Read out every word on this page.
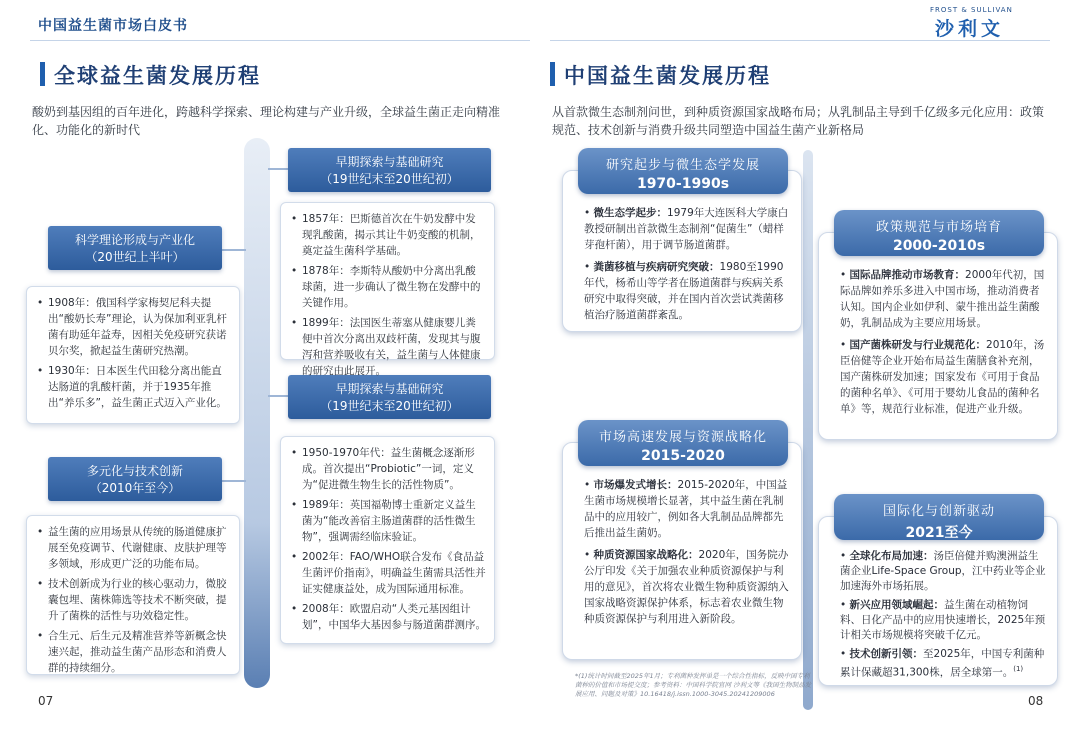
中国益生菌市场白皮书
FROST & SULLIVAN
沙利文
全球益生菌发展历程
酸奶到基因组的百年进化，跨越科学探索、理论构建与产业升级，全球益生菌正走向精准化、功能化的新时代
早期探索与基础研究
（19世纪末至20世纪初）
科学理论形成与产业化
（20世纪上半叶）
早期探索与基础研究
（19世纪末至20世纪初）
多元化与技术创新
（2010年至今）
• 1857年：巴斯德首次在牛奶发酵中发现乳酸菌，揭示其让牛奶变酸的机制，奠定益生菌科学基础。
• 1878年：李斯特从酸奶中分离出乳酸球菌，进一步确认了微生物在发酵中的关键作用。
• 1899年：法国医生蒂塞从健康婴儿粪便中首次分离出双歧杆菌，发现其与腹泻和营养吸收有关，益生菌与人体健康的研究由此展开。
• 1908年：俄国科学家梅契尼科夫提出“酸奶长寿”理论，认为保加利亚乳杆菌有助延年益寿，因相关免疫研究获诺贝尔奖，掀起益生菌研究热潮。
• 1930年：日本医生代田稔分离出能直达肠道的乳酸杆菌，并于1935年推出“养乐多”，益生菌正式迈入产业化。
• 1950-1970年代：益生菌概念逐渐形成。首次提出“Probiotic”一词，定义为“促进微生物生长的活性物质”。
• 1989年：英国福勒博士重新定义益生菌为“能改善宿主肠道菌群的活性微生物”，强调需经临床验证。
• 2002年：FAO/WHO联合发布《食品益生菌评价指南》，明确益生菌需具活性并证实健康益处，成为国际通用标准。
• 2008年：欧盟启动“人类元基因组计划”，中国华大基因参与肠道菌群测序。
• 益生菌的应用场景从传统的肠道健康扩展至免疫调节、代谢健康、皮肤护理等多领域，形成更广泛的功能布局。
• 技术创新成为行业的核心驱动力，微胶囊包埋、菌株筛选等技术不断突破，提升了菌株的活性与功效稳定性。
• 合生元、后生元及精准营养等新概念快速兴起，推动益生菌产品形态和消费人群的持续细分。
07
中国益生菌发展历程
从首款微生态制剂问世，到种质资源国家战略布局；从乳制品主导到千亿级多元化应用：政策规范、技术创新与消费升级共同塑造中国益生菌产业新格局
• 微生态学起步：1979年大连医科大学康白教授研制出首款微生态制剂“促菌生”（蜡样芽孢杆菌），用于调节肠道菌群。
• 粪菌移植与疾病研究突破：1980至1990年代，杨希山等学者在肠道菌群与疾病关系研究中取得突破，并在国内首次尝试粪菌移植治疗肠道菌群紊乱。
研究起步与微生态学发展
1970-1990s
• 国际品牌推动市场教育：2000年代初，国际品牌如养乐多进入中国市场，推动消费者认知。国内企业如伊利、蒙牛推出益生菌酸奶，乳制品成为主要应用场景。
• 国产菌株研发与行业规范化：2010年，汤臣倍健等企业开始布局益生菌膳食补充剂，国产菌株研发加速；国家发布《可用于食品的菌种名单》、《可用于婴幼儿食品的菌种名单》等，规范行业标准，促进产业升级。
政策规范与市场培育
2000-2010s
• 市场爆发式增长：2015-2020年，中国益生菌市场规模增长显著，其中益生菌在乳制品中的应用较广，例如各大乳制品品牌都先后推出益生菌奶。
• 种质资源国家战略化：2020年，国务院办公厅印发《关于加强农业种质资源保护与利用的意见》，首次将农业微生物种质资源纳入国家战略资源保护体系，标志着农业微生物种质资源保护与利用进入新阶段。
市场高速发展与资源战略化
2015-2020
• 全球化布局加速：汤臣倍健并购澳洲益生菌企业Life-Space Group，江中药业等企业加速海外市场拓展。
• 新兴应用领域崛起：益生菌在动植物饲料、日化产品中的应用快速增长，2025年预计相关市场规模将突破千亿元。
• 技术创新引领：至2025年，中国专利菌种累计保藏超31,300株，居全球第一。$^{(1)}$
国际化与创新驱动
2021至今
*(1)统计时间截至2025年1月；专利菌种发挥单是一个综合性指标，反映中国专利菌种的价值和市场提交度；参考资料：中国科学院官网 沙利文等《我国生物制品发展应用、问题及对策》10.16418/j.issn.1000-3045.20241209006	08
